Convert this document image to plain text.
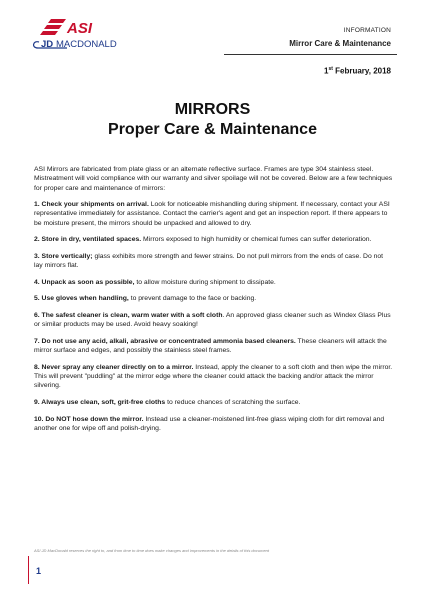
ASI
JD MACDONALD
INFORMATION
Mirror Care & Maintenance
1st February, 2018
MIRRORS
Proper Care & Maintenance

ASI Mirrors are fabricated from plate glass or an alternate reflective surface. Frames are type 304 stainless steel. Mistreatment will void compliance with our warranty and silver spoilage will not be covered. Below are a few techniques for proper care and maintenance of mirrors:

1. Check your shipments on arrival. Look for noticeable mishandling during shipment. If necessary, contact your ASI representative immediately for assistance. Contact the carrier's agent and get an inspection report. If there appears to be moisture present, the mirrors should be unpacked and allowed to dry.

2. Store in dry, ventilated spaces. Mirrors exposed to high humidity or chemical fumes can suffer deterioration.

3. Store vertically; glass exhibits more strength and fewer strains. Do not pull mirrors from the ends of case. Do not lay mirrors flat.

4. Unpack as soon as possible, to allow moisture during shipment to dissipate.

5. Use gloves when handling, to prevent damage to the face or backing.

6. The safest cleaner is clean, warm water with a soft cloth. An approved glass cleaner such as Windex Glass Plus or similar products may be used. Avoid heavy soaking!

7. Do not use any acid, alkali, abrasive or concentrated ammonia based cleaners. These cleaners will attack the mirror surface and edges, and possibly the stainless steel frames.

8. Never spray any cleaner directly on to a mirror. Instead, apply the cleaner to a soft cloth and then wipe the mirror. This will prevent "puddling" at the mirror edge where the cleaner could attack the backing and/or attack the mirror silvering.

9. Always use clean, soft, grit-free cloths to reduce chances of scratching the surface.

10. Do NOT hose down the mirror. Instead use a cleaner-moistened lint-free glass wiping cloth for dirt removal and another one for wipe off and polish-drying.

ASI JD MacDonald reserves the right to, and from time to time does make changes and improvements in the details of this document
1
